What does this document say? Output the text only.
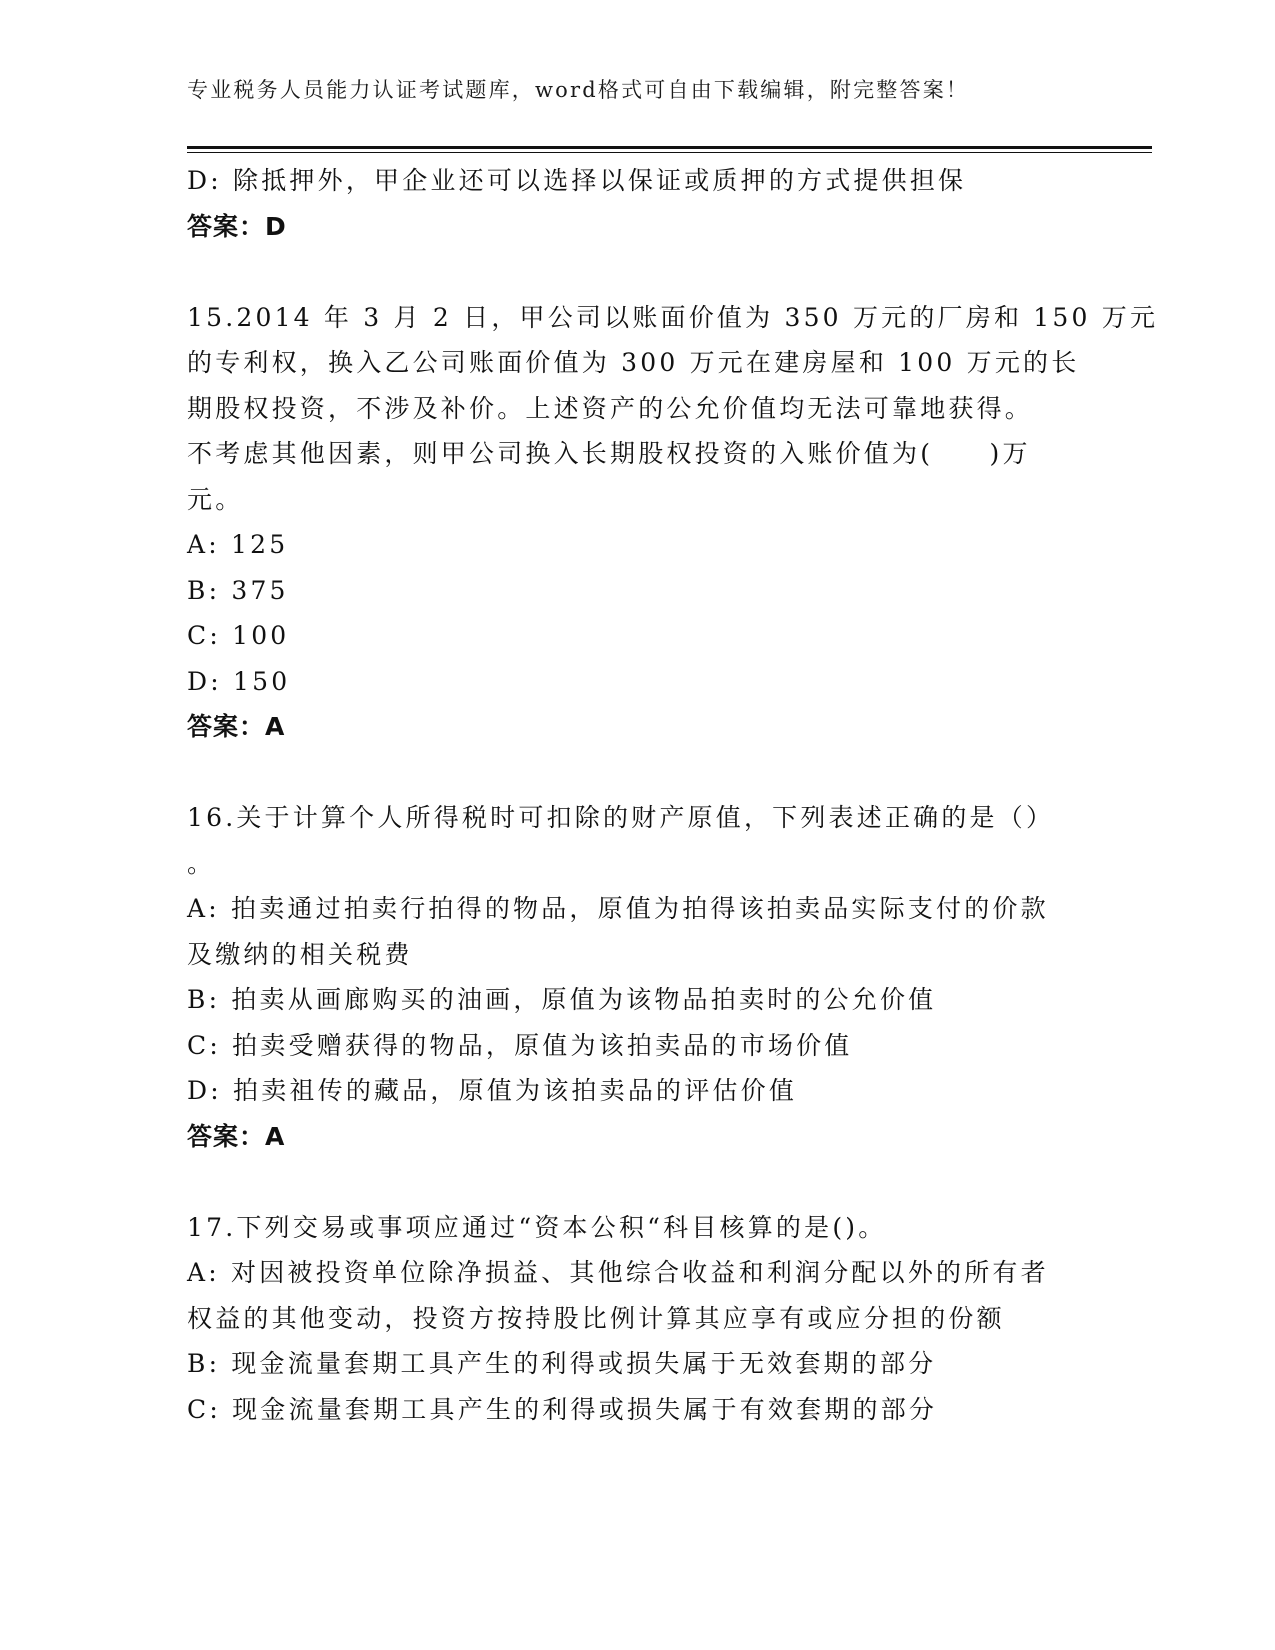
专业税务人员能力认证考试题库，word格式可自由下载编辑，附完整答案！

D: 除抵押外，甲企业还可以选择以保证或质押的方式提供担保

答案：D

15.2014 年 3 月 2 日，甲公司以账面价值为 350 万元的厂房和 150 万元

的专利权，换入乙公司账面价值为 300 万元在建房屋和 100 万元的长

期股权投资，不涉及补价。上述资产的公允价值均无法可靠地获得。

不考虑其他因素，则甲公司换入长期股权投资的入账价值为(　　)万

元。

A: 125

B: 375

C: 100

D: 150

答案：A

16.关于计算个人所得税时可扣除的财产原值，下列表述正确的是（）

。

A: 拍卖通过拍卖行拍得的物品，原值为拍得该拍卖品实际支付的价款

及缴纳的相关税费

B: 拍卖从画廊购买的油画，原值为该物品拍卖时的公允价值

C: 拍卖受赠获得的物品，原值为该拍卖品的市场价值

D: 拍卖祖传的藏品，原值为该拍卖品的评估价值

答案：A

17.下列交易或事项应通过“资本公积“科目核算的是()。

A: 对因被投资单位除净损益、其他综合收益和利润分配以外的所有者

权益的其他变动，投资方按持股比例计算其应享有或应分担的份额

B: 现金流量套期工具产生的利得或损失属于无效套期的部分

C: 现金流量套期工具产生的利得或损失属于有效套期的部分
